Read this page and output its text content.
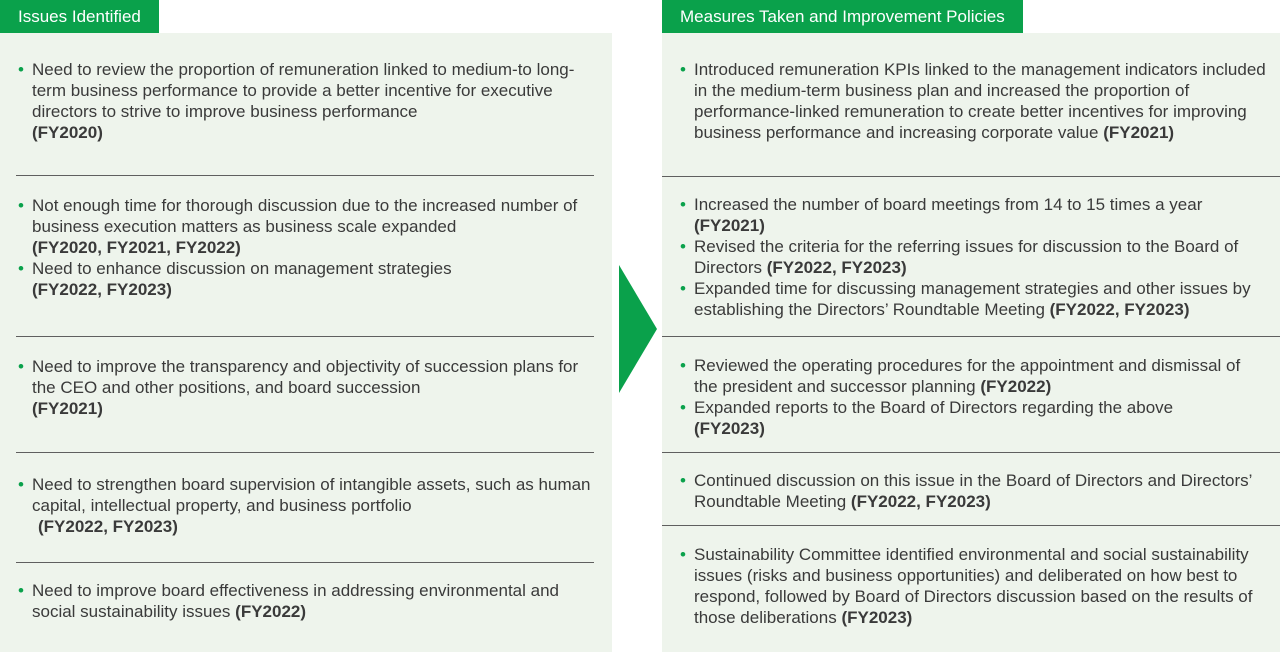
Issues Identified	Measures Taken and Improvement Policies
• Need to review the proportion of remuneration linked to medium-to long-term business performance to provide a better incentive for executive directors to strive to improve business performance
(FY2020)
• Not enough time for thorough discussion due to the increased number of business execution matters as business scale expanded
(FY2020, FY2021, FY2022)
• Need to enhance discussion on management strategies
(FY2022, FY2023)
• Need to improve the transparency and objectivity of succession plans for the CEO and other positions, and board succession
(FY2021)
• Need to strengthen board supervision of intangible assets, such as human capital, intellectual property, and business portfolio
(FY2022, FY2023)
• Need to improve board effectiveness in addressing environmental and social sustainability issues (FY2022)
• Introduced remuneration KPIs linked to the management indicators included in the medium-term business plan and increased the proportion of performance-linked remuneration to create better incentives for improving business performance and increasing corporate value (FY2021)
• Increased the number of board meetings from 14 to 15 times a year
(FY2021)
• Revised the criteria for the referring issues for discussion to the Board of Directors (FY2022, FY2023)
• Expanded time for discussing management strategies and other issues by establishing the Directors’ Roundtable Meeting (FY2022, FY2023)
• Reviewed the operating procedures for the appointment and dismissal of the president and successor planning (FY2022)
• Expanded reports to the Board of Directors regarding the above
(FY2023)
• Continued discussion on this issue in the Board of Directors and Directors’ Roundtable Meeting (FY2022, FY2023)
• Sustainability Committee identified environmental and social sustainability issues (risks and business opportunities) and deliberated on how best to respond, followed by Board of Directors discussion based on the results of those deliberations (FY2023)
